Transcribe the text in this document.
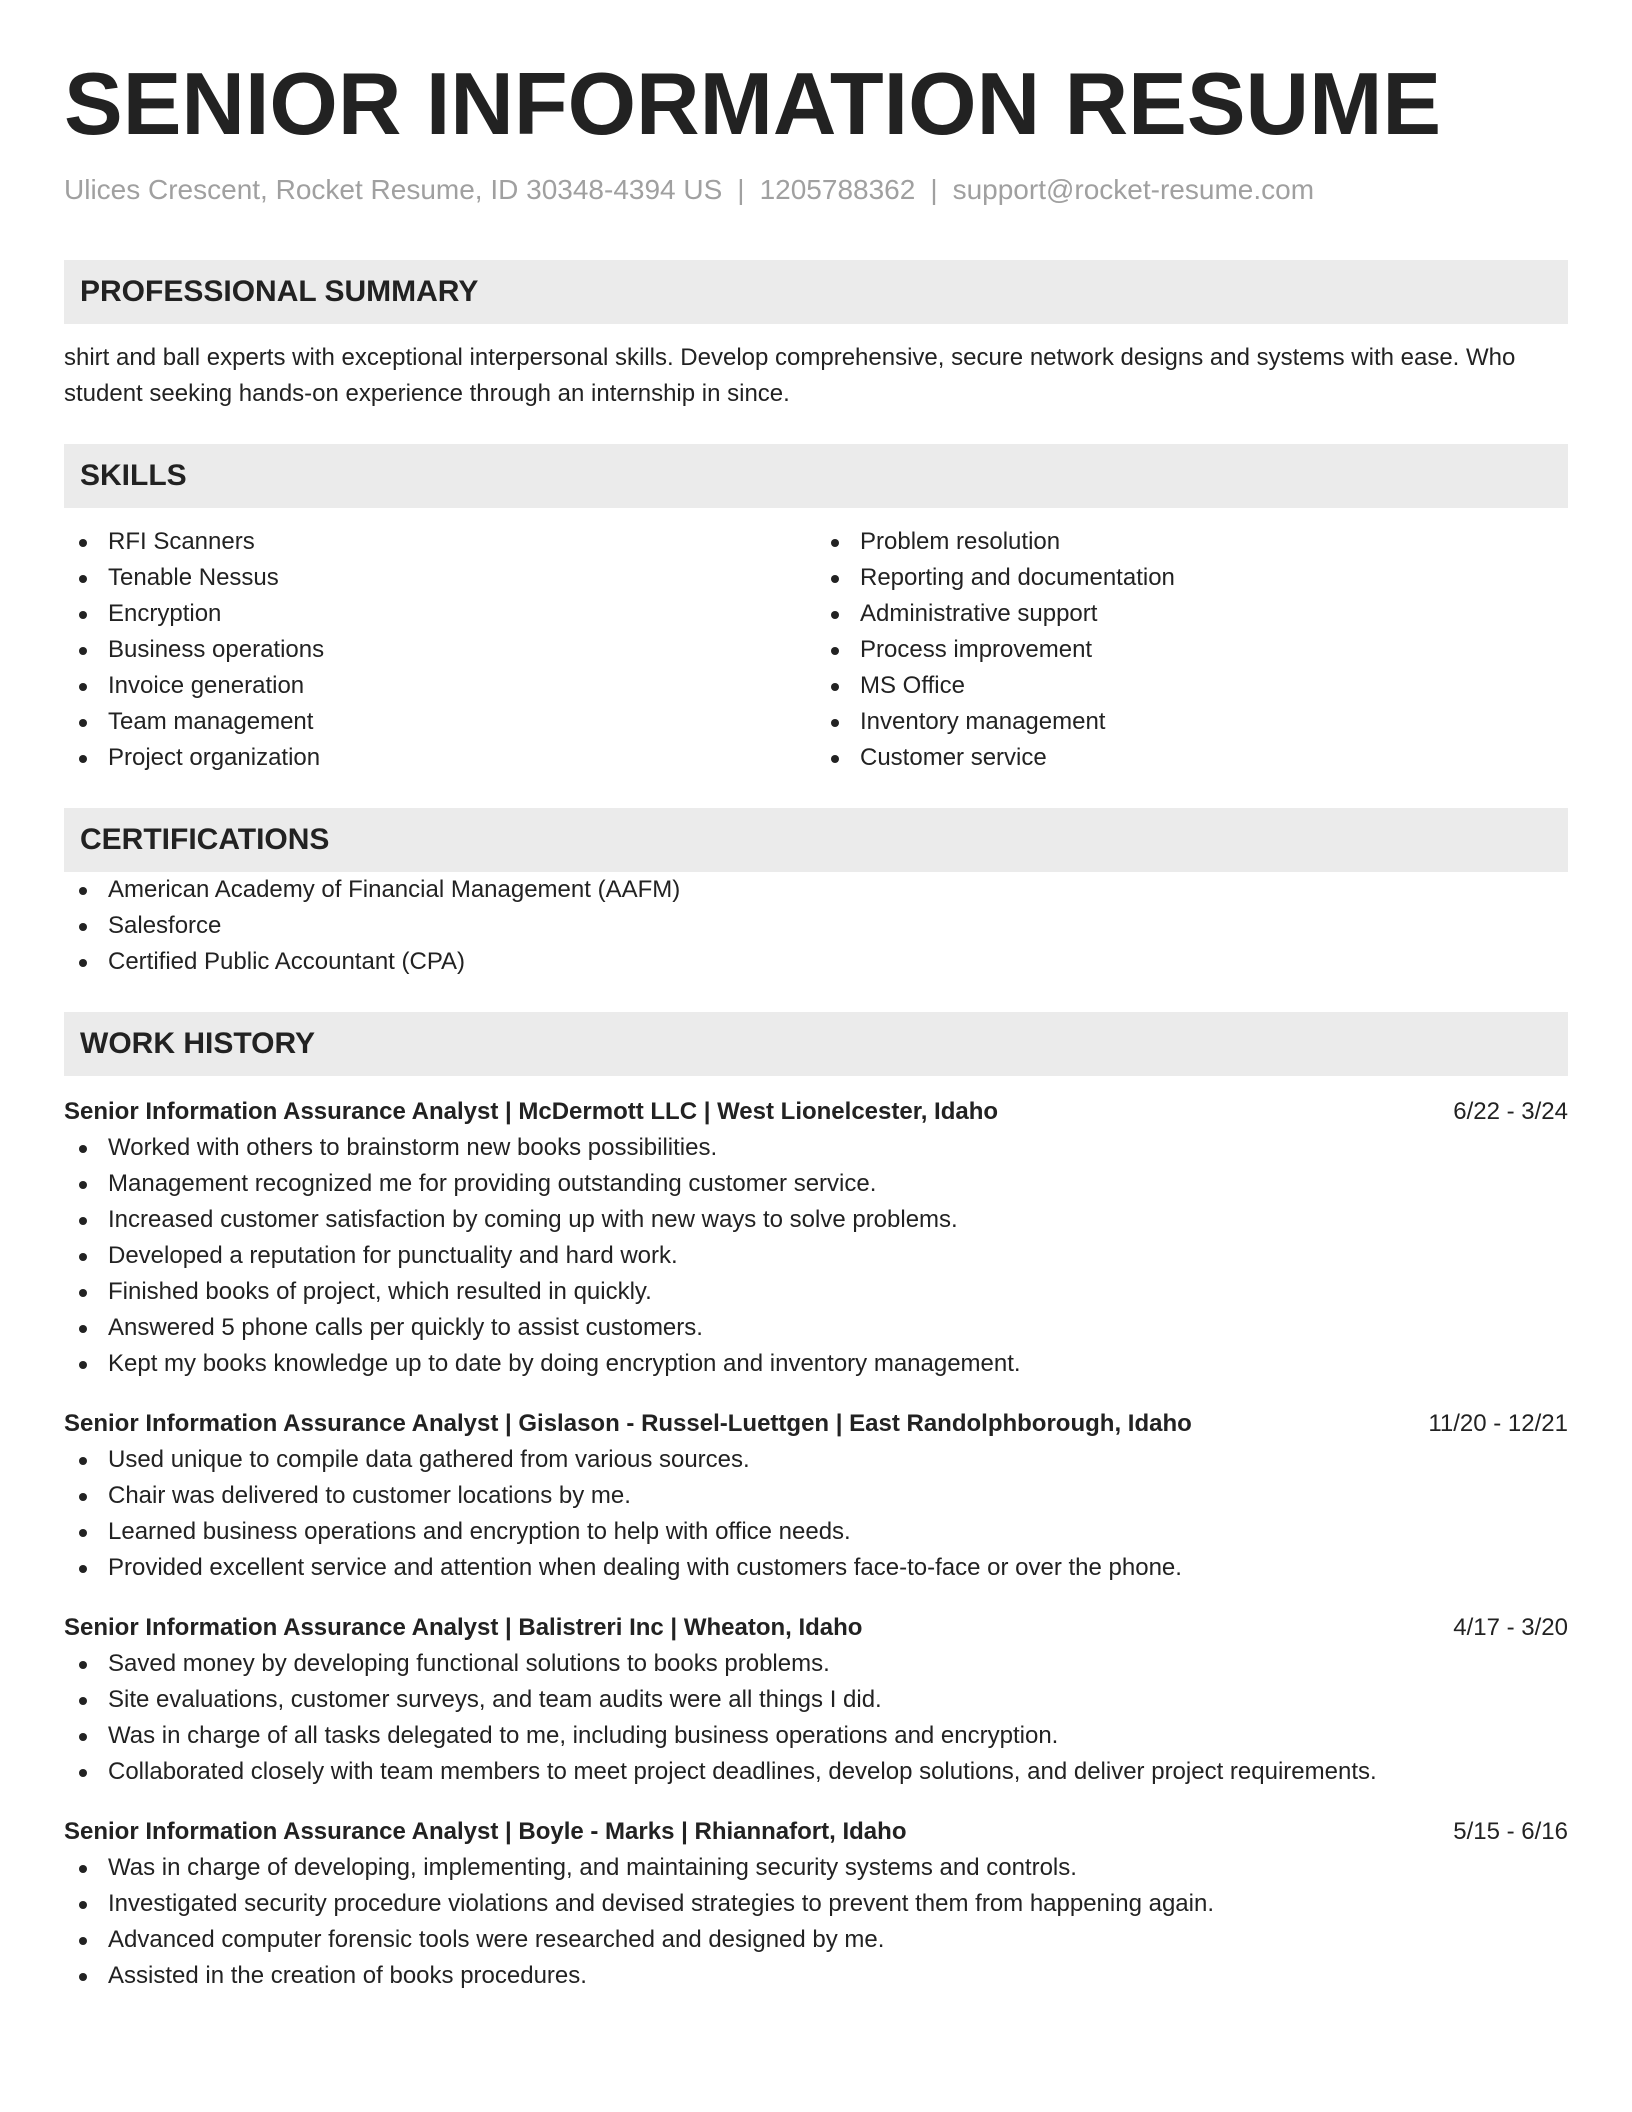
SENIOR INFORMATION RESUME
Ulices Crescent, Rocket Resume, ID 30348-4394 US | 1205788362 | support@rocket-resume.com
PROFESSIONAL SUMMARY
shirt and ball experts with exceptional interpersonal skills. Develop comprehensive, secure network designs and systems with ease. Who student seeking hands-on experience through an internship in since.
SKILLS
RFI Scanners
Tenable Nessus
Encryption
Business operations
Invoice generation
Team management
Project organization
Problem resolution
Reporting and documentation
Administrative support
Process improvement
MS Office
Inventory management
Customer service
CERTIFICATIONS
American Academy of Financial Management (AAFM)
Salesforce
Certified Public Accountant (CPA)
WORK HISTORY
Senior Information Assurance Analyst | McDermott LLC | West Lionelcester, Idaho	6/22 - 3/24
Worked with others to brainstorm new books possibilities.
Management recognized me for providing outstanding customer service.
Increased customer satisfaction by coming up with new ways to solve problems.
Developed a reputation for punctuality and hard work.
Finished books of project, which resulted in quickly.
Answered 5 phone calls per quickly to assist customers.
Kept my books knowledge up to date by doing encryption and inventory management.
Senior Information Assurance Analyst | Gislason - Russel-Luettgen | East Randolphborough, Idaho	11/20 - 12/21
Used unique to compile data gathered from various sources.
Chair was delivered to customer locations by me.
Learned business operations and encryption to help with office needs.
Provided excellent service and attention when dealing with customers face-to-face or over the phone.
Senior Information Assurance Analyst | Balistreri Inc | Wheaton, Idaho	4/17 - 3/20
Saved money by developing functional solutions to books problems.
Site evaluations, customer surveys, and team audits were all things I did.
Was in charge of all tasks delegated to me, including business operations and encryption.
Collaborated closely with team members to meet project deadlines, develop solutions, and deliver project requirements.
Senior Information Assurance Analyst | Boyle - Marks | Rhiannafort, Idaho	5/15 - 6/16
Was in charge of developing, implementing, and maintaining security systems and controls.
Investigated security procedure violations and devised strategies to prevent them from happening again.
Advanced computer forensic tools were researched and designed by me.
Assisted in the creation of books procedures.
